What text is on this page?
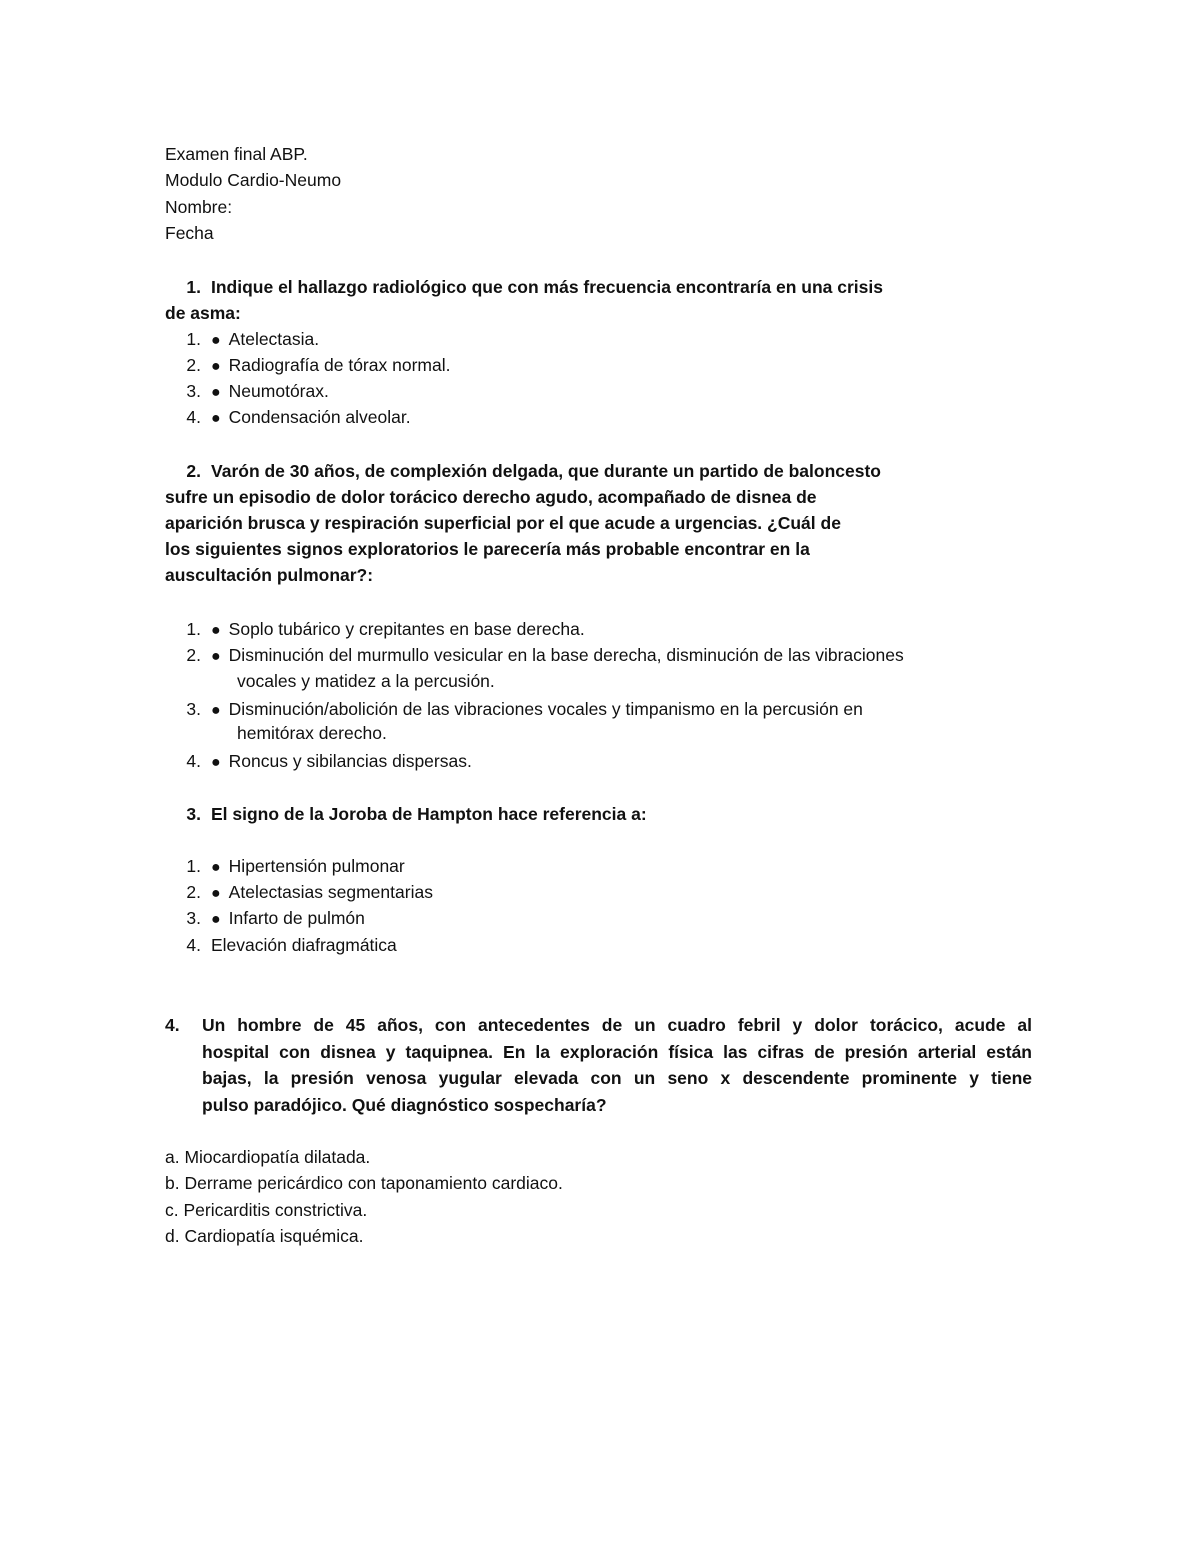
Examen final ABP.
Modulo Cardio-Neumo
Nombre:
Fecha
1. Indique el hallazgo radiológico que con más frecuencia encontraría en una crisis
de asma:
1. ● Atelectasia.
2. ● Radiografía de tórax normal.
3. ● Neumotórax.
4. ● Condensación alveolar.
2. Varón de 30 años, de complexión delgada, que durante un partido de baloncesto
sufre un episodio de dolor torácico derecho agudo, acompañado de disnea de
aparición brusca y respiración superficial por el que acude a urgencias. ¿Cuál de
los siguientes signos exploratorios le parecería más probable encontrar en la
auscultación pulmonar?:
1. ● Soplo tubárico y crepitantes en base derecha.
2. ● Disminución del murmullo vesicular en la base derecha, disminución de las vibraciones
vocales y matidez a la percusión.
3. ● Disminución/abolición de las vibraciones vocales y timpanismo en la percusión en
hemitórax derecho.
4. ● Roncus y sibilancias dispersas.
3. El signo de la Joroba de Hampton hace referencia a:
1. ● Hipertensión pulmonar
2. ● Atelectasias segmentarias
3. ● Infarto de pulmón
4. Elevación diafragmática
4. Un hombre de 45 años, con antecedentes de un cuadro febril y dolor torácico, acude al
hospital con disnea y taquipnea. En la exploración física las cifras de presión arterial están
bajas, la presión venosa yugular elevada con un seno x descendente prominente y tiene
pulso paradójico. Qué diagnóstico sospecharía?
a. Miocardiopatía dilatada.
b. Derrame pericárdico con taponamiento cardiaco.
c. Pericarditis constrictiva.
d. Cardiopatía isquémica.
